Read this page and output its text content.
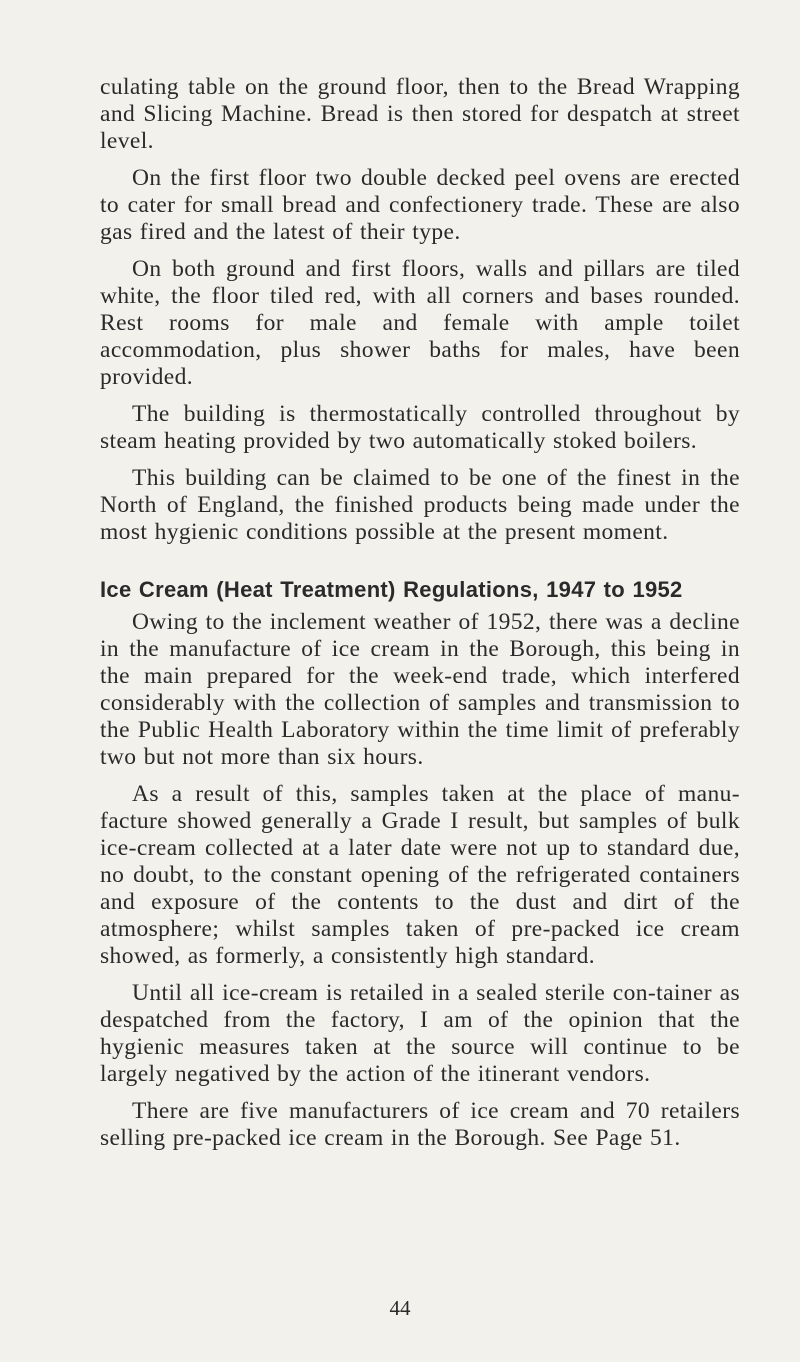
culating table on the ground floor, then to the Bread Wrapping and Slicing Machine. Bread is then stored for despatch at street level.

On the first floor two double decked peel ovens are erected to cater for small bread and confectionery trade. These are also gas fired and the latest of their type.

On both ground and first floors, walls and pillars are tiled white, the floor tiled red, with all corners and bases rounded. Rest rooms for male and female with ample toilet accommodation, plus shower baths for males, have been provided.

The building is thermostatically controlled throughout by steam heating provided by two automatically stoked boilers.

This building can be claimed to be one of the finest in the North of England, the finished products being made under the most hygienic conditions possible at the present moment.

Ice Cream (Heat Treatment) Regulations, 1947 to 1952

Owing to the inclement weather of 1952, there was a decline in the manufacture of ice cream in the Borough, this being in the main prepared for the week-end trade, which interfered considerably with the collection of samples and transmission to the Public Health Laboratory within the time limit of preferably two but not more than six hours.

As a result of this, samples taken at the place of manu-facture showed generally a Grade I result, but samples of bulk ice-cream collected at a later date were not up to standard due, no doubt, to the constant opening of the refrigerated containers and exposure of the contents to the dust and dirt of the atmosphere; whilst samples taken of pre-packed ice cream showed, as formerly, a consistently high standard.

Until all ice-cream is retailed in a sealed sterile con-tainer as despatched from the factory, I am of the opinion that the hygienic measures taken at the source will continue to be largely negatived by the action of the itinerant vendors.

There are five manufacturers of ice cream and 70 retailers selling pre-packed ice cream in the Borough. See Page 51.

44
